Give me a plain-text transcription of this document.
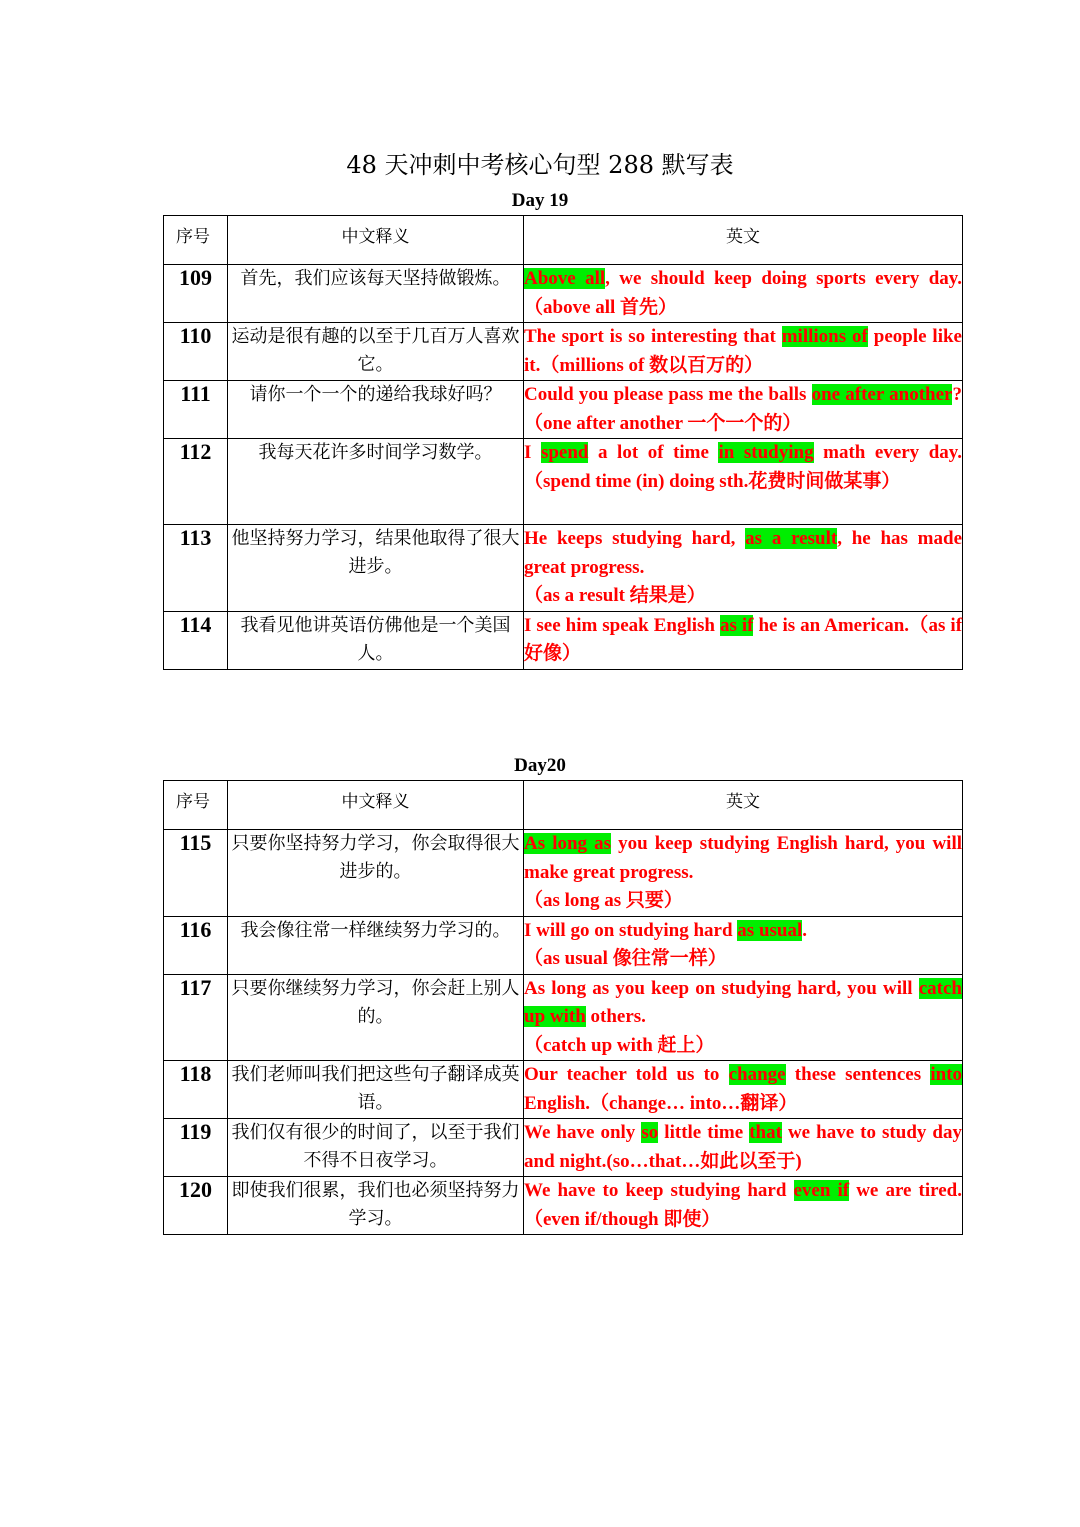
48 天冲刺中考核心句型 288 默写表
Day 19
序号	中文释义	英文

109	首先，我们应该每天坚持做锻炼。	Above all, we should keep doing sports every day.（above all 首先）
110	运动是很有趣的以至于几百万人喜欢它。	The sport is so interesting that millions of people like it.（millions of 数以百万的）
111	请你一个一个的递给我球好吗？	Could you please pass me the balls one after another?（one after another 一个一个的）
112	我每天花许多时间学习数学。	I spend a lot of time in studying math every day.（spend time (in) doing sth.花费时间做某事）
113	他坚持努力学习，结果他取得了很大进步。	He keeps studying hard, as a result, he has made great progress.
（as a result 结果是）
114	我看见他讲英语仿佛他是一个美国人。	I see him speak English as if he is an American.（as if 好像）
Day20
序号	中文释义	英文

115	只要你坚持努力学习，你会取得很大进步的。	As long as you keep studying English hard, you will make great progress.
（as long as 只要）
116	我会像往常一样继续努力学习的。	I will go on studying hard as usual.
（as usual 像往常一样）
117	只要你继续努力学习，你会赶上别人的。	As long as you keep on studying hard, you will catch up with others.
（catch up with 赶上）
118	我们老师叫我们把这些句子翻译成英语。	Our teacher told us to change these sentences into English.（change… into…翻译）
119	我们仅有很少的时间了，以至于我们不得不日夜学习。	We have only so little time that we have to study day and night.(so…that…如此以至于)
120	即使我们很累，我们也必须坚持努力学习。	We have to keep studying hard even if we are tired.（even if/though 即使）
